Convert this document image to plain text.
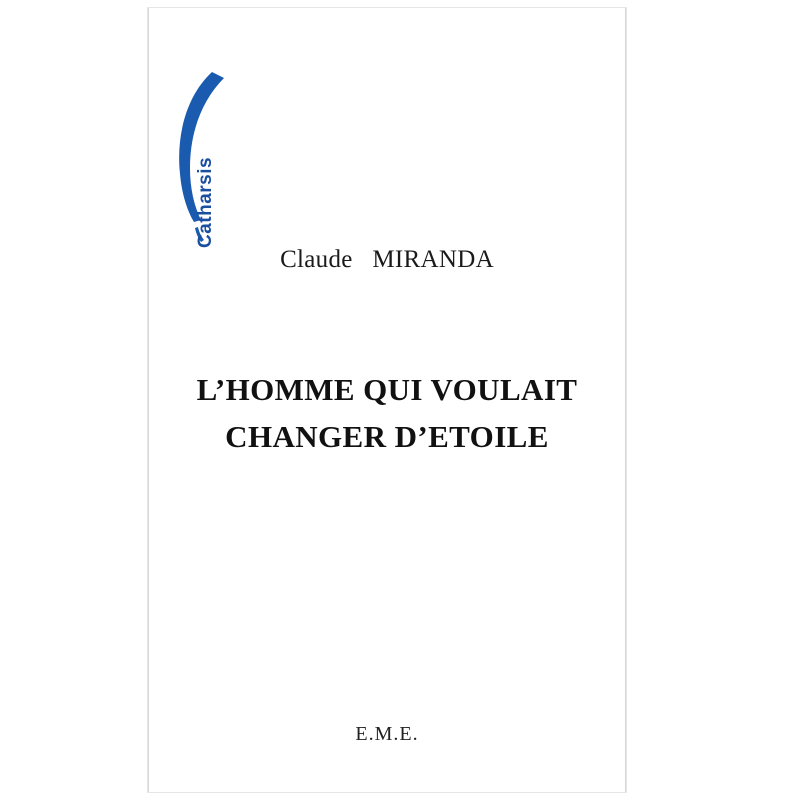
Catharsis
Claude MIRANDA
L’HOMME QUI VOULAIT
CHANGER D’ETOILE
E.M.E.
